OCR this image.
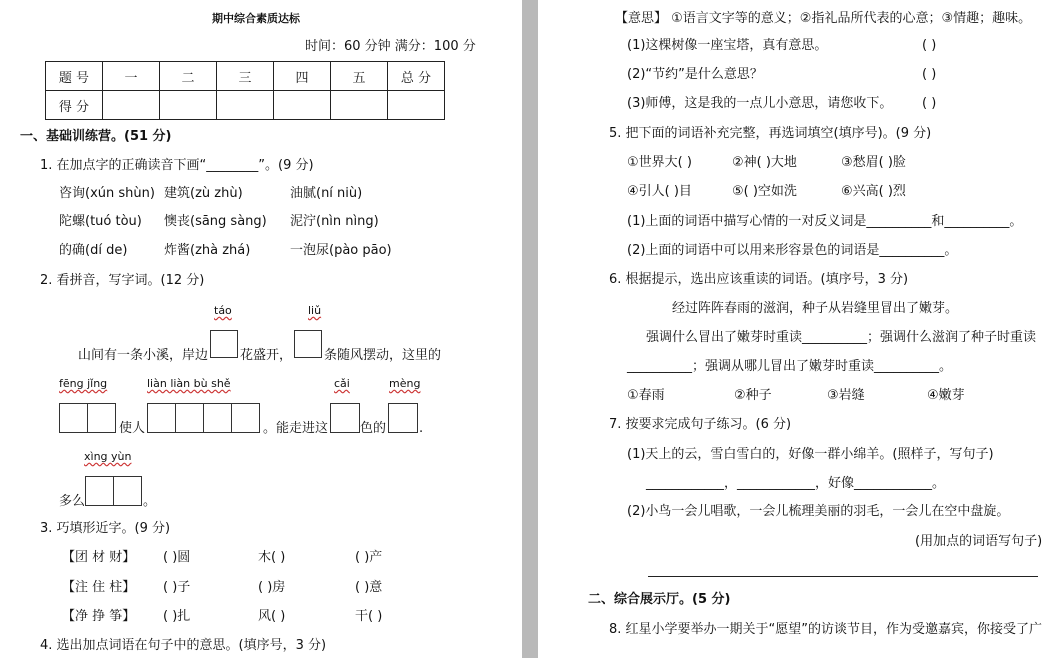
期中综合素质达标
时间：60 分钟 满分：100 分
题 号	一	二	三	四	五	总 分
得 分						
一、基础训练营。(51 分)
1. 在加点字的正确读音下画“________”。(9 分)
咨询(xún shùn) 建筑(zù zhù)	油腻(ní niù)
陀螺(tuó tòu) 懊丧(sāng sàng) 泥泞(nìn nìng)
的确(dí de)	炸酱(zhà zhá)	一泡尿(pào pāo)
2. 看拼音，写字词。(12 分)
táo	liǔ
山间有一条小溪，岸边 花盛开， 条随风摆动，这里的
fēng jǐng	liàn liàn bù shě	cǎi	mèng
使人	。能走进这 色的	.
xìng yùn
多么	。
3. 巧填形近字。(9 分)
【团 材 财】 ( )圆	木( )	( )产
【注 住 柱】 ( )子	( )房	( )意
【净 挣 筝】 ( )扎	风( )	干( )
4. 选出加点词语在句子中的意思。(填序号，3 分)
【意思】 ①语言文字等的意义；②指礼品所代表的心意；③情趣；趣味。
(1)这棵树像一座宝塔，真有意思。	( )
(2)“节约”是什么意思？	( )
(3)师傅，这是我的一点儿小意思，请您收下。 ( )
5. 把下面的词语补充完整，再选词填空(填序号)。(9 分)
①世界大( )	②神( )大地	③愁眉( )脸
④引人( )目	⑤( )空如洗	⑥兴高( )烈
(1)上面的词语中描写心情的一对反义词是__________和__________。
(2)上面的词语中可以用来形容景色的词语是__________。
6. 根据提示，选出应该重读的词语。(填序号，3 分)
经过阵阵春雨的滋润，种子从岩缝里冒出了嫩芽。
强调什么冒出了嫩芽时重读__________；强调什么滋润了种子时重读
__________；强调从哪儿冒出了嫩芽时重读__________。
①春雨	②种子	③岩缝	④嫩芽
7. 按要求完成句子练习。(6 分)
(1)天上的云，雪白雪白的，好像一群小绵羊。(照样子，写句子)
____________，____________，好像____________。
(2)小鸟一会儿唱歌，一会儿梳理美丽的羽毛，一会儿在空中盘旋。
(用加点的词语写句子)
二、综合展示厅。(5 分)
8. 红星小学要举办一期关于“愿望”的访谈节目，作为受邀嘉宾，你接受了广
